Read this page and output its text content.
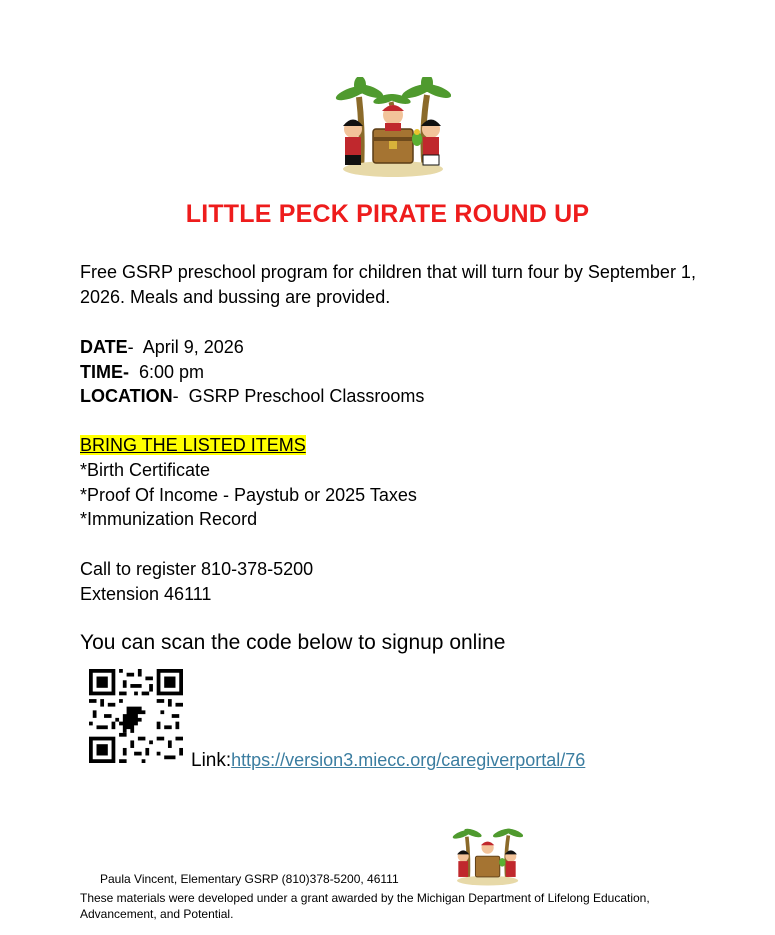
LITTLE PECK PIRATE ROUND UP
Free GSRP preschool program for children that will turn four by September 1, 2026. Meals and bussing are provided.
DATE-  April 9, 2026
TIME- 6:00 pm
LOCATION-  GSRP Preschool Classrooms
BRING THE LISTED ITEMS
*Birth Certificate
*Proof Of Income - Paystub or 2025 Taxes
*Immunization Record
Call to register 810-378-5200
Extension 46111
You can scan the code below to signup online
Link:https://version3.miecc.org/caregiverportal/76
Paula Vincent, Elementary GSRP (810)378-5200, 46111
These materials were developed under a grant awarded by the Michigan Department of Lifelong Education, Advancement, and Potential.
